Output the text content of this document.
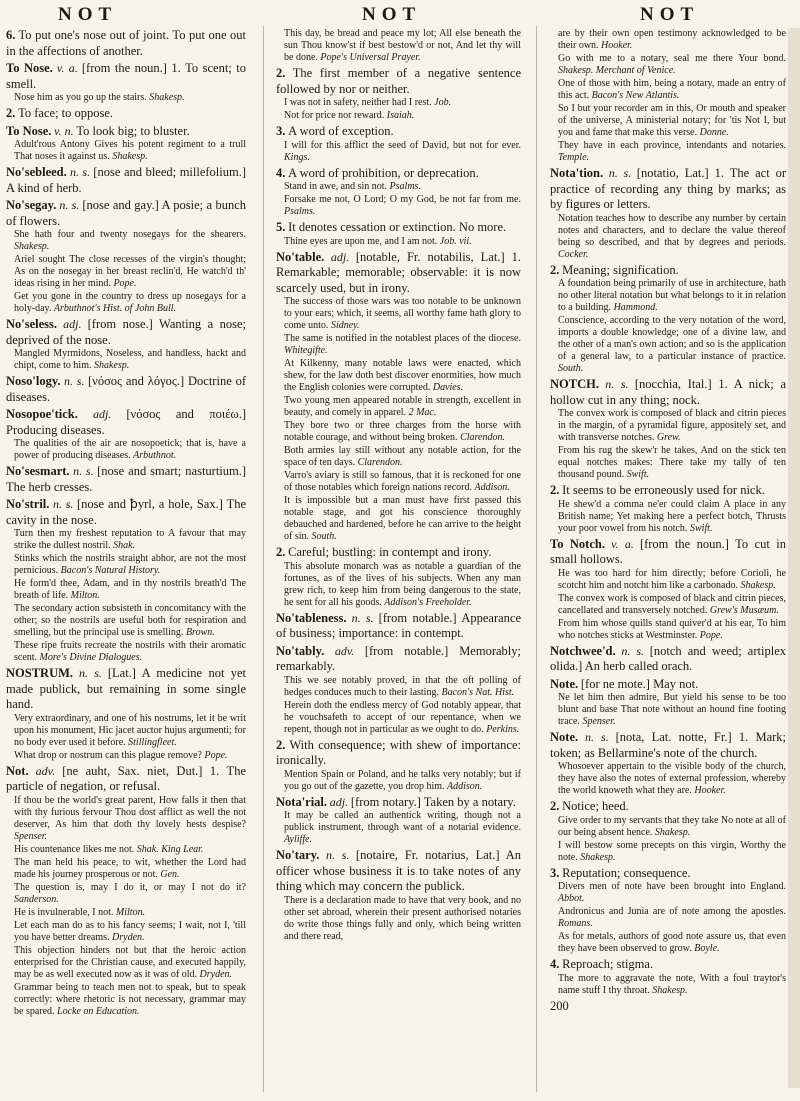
NOT	NOT	NOT
6. To put one's nose out of joint. To put one out in the affections of another.
To Nose. v. a. [from the noun.] 1. To scent; to smell.
Nose him as you go up the stairs. Shakesp.
2. To face; to oppose.
To Nose. v. n. To look big; to bluster.
Adult'rous Antony Gives his potent regiment to a trull That noses it against us. Shakesp.
No'sebleed. n. s. [nose and bleed; millefolium.] A kind of herb.
No'segay. n. s. [nose and gay.] A posie; a bunch of flowers.
She hath four and twenty nosegays for the shearers. Shakesp.
Ariel sought The close recesses of the virgin's thought; As on the nosegay in her breast reclin'd, He watch'd th' ideas rising in her mind. Pope.
Get you gone in the country to dress up nosegays for a holy-day. Arbuthnot's Hist. of John Bull.
No'seless. adj. [from nose.] Wanting a nose; deprived of the nose.
Mangled Myrmidons, Noseless, and handless, hackt and chipt, come to him. Shakesp.
Noso'logy. n. s. [νόσος and λόγος.] Doctrine of diseases.
Nosopoe'tick. adj. [νόσος and ποιέω.] Producing diseases.
The qualities of the air are nosopoetick; that is, have a power of producing diseases. Arbuthnot.
No'sesmart. n. s. [nose and smart; nasturtium.] The herb cresses.
No'stril. n. s. [nose and ꝥyrl, a hole, Sax.] The cavity in the nose.
Turn then my freshest reputation to A favour that may strike the dullest nostril. Shak.
Stinks which the nostrils straight abhor, are not the most pernicious. Bacon's Natural History.
He form'd thee, Adam, and in thy nostrils breath'd The breath of life. Milton.
The secondary action subsisteth in concomitancy with the other; so the nostrils are useful both for respiration and smelling, but the principal use is smelling. Brown.
These ripe fruits recreate the nostrils with their aromatic scent. More's Divine Dialogues.
NOSTRUM. n. s. [Lat.] A medicine not yet made publick, but remaining in some single hand.
Very extraordinary, and one of his nostrums, let it be writ upon his monument, Hic jacet auctor hujus argumenti; for no body ever used it before. Stillingfleet.
What drop or nostrum can this plague remove? Pope.
Not. adv. [ne auht, Sax. niet, Dut.] 1. The particle of negation, or refusal.
If thou be the world's great parent, How falls it then that with thy furious fervour Thou dost afflict as well the not deserver, As him that doth thy lovely hests despise? Spenser.
His countenance likes me not. Shak. King Lear.
The man held his peace, to wit, whether the Lord had made his journey prosperous or not. Gen.
The question is, may I do it, or may I not do it? Sanderson.
He is invulnerable, I not. Milton.
Let each man do as to his fancy seems; I wait, not I, 'till you have better dreams. Dryden.
This objection hinders not but that the heroic action enterprised for the Christian cause, and executed happily, may be as well executed now as it was of old. Dryden.
Grammar being to teach men not to speak, but to speak correctly: where rhetoric is not necessary, grammar may be spared. Locke on Education.
This day, be bread and peace my lot; All else beneath the sun Thou know'st if best bestow'd or not, And let thy will be done. Pope's Universal Prayer.
2. The first member of a negative sentence followed by nor or neither.
I was not in safety, neither had I rest. Job.
Not for price nor reward. Isaiah.
3. A word of exception.
I will for this afflict the seed of David, but not for ever. Kings.
4. A word of prohibition, or deprecation.
Stand in awe, and sin not. Psalms.
Forsake me not, O Lord; O my God, be not far from me. Psalms.
5. It denotes cessation or extinction. No more.
Thine eyes are upon me, and I am not. Job. vii.
No'table. adj. [notable, Fr. notabilis, Lat.] 1. Remarkable; memorable; observable: it is now scarcely used, but in irony.
The success of those wars was too notable to be unknown to your ears; which, it seems, all worthy fame hath glory to come unto. Sidney.
The same is notified in the notablest places of the diocese. Whitegifte.
At Kilkenny, many notable laws were enacted, which shew, for the law doth best discover enormities, how much the English colonies were corrupted. Davies.
Two young men appeared notable in strength, excellent in beauty, and comely in apparel. 2 Mac.
They bore two or three charges from the horse with notable courage, and without being broken. Clarendon.
Both armies lay still without any notable action, for the space of ten days. Clarendon.
Varro's aviary is still so famous, that it is reckoned for one of those notables which foreign nations record. Addison.
It is impossible but a man must have first passed this notable stage, and got his conscience thoroughly debauched and hardened, before he can arrive to the height of sin. South.
2. Careful; bustling: in contempt and irony.
This absolute monarch was as notable a guardian of the fortunes, as of the lives of his subjects. When any man grew rich, to keep him from being dangerous to the state, he sent for all his goods. Addison's Freeholder.
No'tableness. n. s. [from notable.] Appearance of business; importance: in contempt.
No'tably. adv. [from notable.] Memorably; remarkably.
This we see notably proved, in that the oft polling of hedges conduces much to their lasting. Bacon's Nat. Hist.
Herein doth the endless mercy of God notably appear, that he vouchsafeth to accept of our repentance, when we repent, though not in particular as we ought to do. Perkins.
2. With consequence; with shew of importance: ironically.
Mention Spain or Poland, and he talks very notably; but if you go out of the gazette, you drop him. Addison.
Nota'rial. adj. [from notary.] Taken by a notary.
It may be called an authentick writing, though not a publick instrument, through want of a notarial evidence. Ayliffe.
No'tary. n. s. [notaire, Fr. notarius, Lat.] An officer whose business it is to take notes of any thing which may concern the publick.
There is a declaration made to have that very book, and no other set abroad, wherein their present authorised notaries do write those things fully and only, which being written and there read,
are by their own open testimony acknowledged to be their own. Hooker.
Go with me to a notary, seal me there Your bond. Shakesp. Merchant of Venice.
One of those with him, being a notary, made an entry of this act. Bacon's New Atlantis.
So I but your recorder am in this, Or mouth and speaker of the universe, A ministerial notary; for 'tis Not I, but you and fame that make this verse. Donne.
They have in each province, intendants and notaries. Temple.
Nota'tion. n. s. [notatio, Lat.] 1. The act or practice of recording any thing by marks; as by figures or letters.
Notation teaches how to describe any number by certain notes and characters, and to declare the value thereof being so described, and that by degrees and periods. Cocker.
2. Meaning; signification.
A foundation being primarily of use in architecture, hath no other literal notation but what belongs to it in relation to a building. Hammond.
Conscience, according to the very notation of the word, imports a double knowledge; one of a divine law, and the other of a man's own action; and so is the application of a general law, to a particular instance of practice. South.
NOTCH. n. s. [nocchia, Ital.] 1. A nick; a hollow cut in any thing; nock.
The convex work is composed of black and citrin pieces in the margin, of a pyramidal figure, appositely set, and with transverse notches. Grew.
From his rug the skew'r he takes, And on the stick ten equal notches makes: There take my tally of ten thousand pound. Swift.
2. It seems to be erroneously used for nick.
He shew'd a comma ne'er could claim A place in any British name; Yet making here a perfect botch, Thrusts your poor vowel from his notch. Swift.
To Notch. v. a. [from the noun.] To cut in small hollows.
He was too hard for him directly; before Corioli, he scotcht him and notcht him like a carbonado. Shakesp.
The convex work is composed of black and citrin pieces, cancellated and transversely notched. Grew's Musæum.
From him whose quills stand quiver'd at his ear, To him who notches sticks at Westminster. Pope.
Notchwee'd. n. s. [notch and weed; artiplex olida.] An herb called orach.
Note. [for ne mote.] May not.
Ne let him then admire, But yield his sense to be too blunt and base That note without an hound fine footing trace. Spenser.
Note. n. s. [nota, Lat. notte, Fr.] 1. Mark; token; as Bellarmine's note of the church.
Whosoever appertain to the visible body of the church, they have also the notes of external profession, whereby the world knoweth what they are. Hooker.
2. Notice; heed.
Give order to my servants that they take No note at all of our being absent hence. Shakesp.
I will bestow some precepts on this virgin, Worthy the note. Shakesp.
3. Reputation; consequence.
Divers men of note have been brought into England. Abbot.
Andronicus and Junia are of note among the apostles. Romans.
As for metals, authors of good note assure us, that even they have been observed to grow. Boyle.
4. Reproach; stigma.
The more to aggravate the note, With a foul traytor's name stuff I thy throat. Shakesp.
200
